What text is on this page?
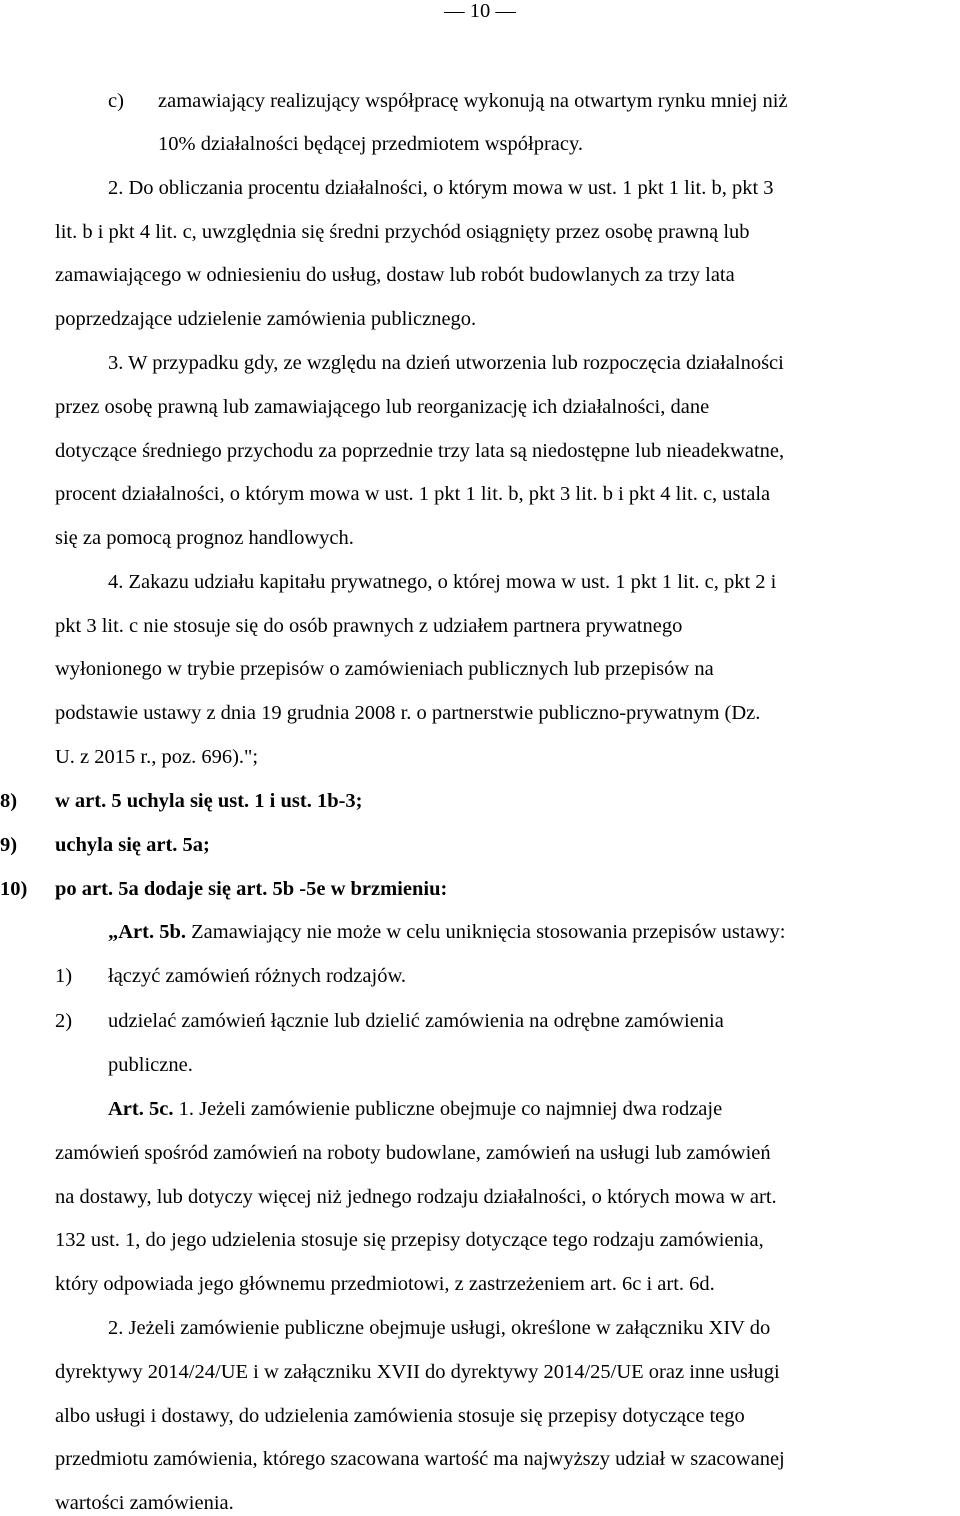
— 10 —
c) zamawiający realizujący współpracę wykonują na otwartym rynku mniej niż
10% działalności będącej przedmiotem współpracy.
2. Do obliczania procentu działalności, o którym mowa w ust. 1 pkt 1 lit. b, pkt 3
lit. b i pkt 4 lit. c, uwzględnia się średni przychód osiągnięty przez osobę prawną lub
zamawiającego w odniesieniu do usług, dostaw lub robót budowlanych za trzy lata
poprzedzające udzielenie zamówienia publicznego.
3. W przypadku gdy, ze względu na dzień utworzenia lub rozpoczęcia działalności
przez osobę prawną lub zamawiającego lub reorganizację ich działalności, dane
dotyczące średniego przychodu za poprzednie trzy lata są niedostępne lub nieadekwatne,
procent działalności, o którym mowa w ust. 1 pkt 1 lit. b, pkt 3 lit. b i pkt 4 lit. c, ustala
się za pomocą prognoz handlowych.
4. Zakazu udziału kapitału prywatnego, o której mowa w ust. 1 pkt 1 lit. c, pkt 2 i
pkt 3 lit. c nie stosuje się do osób prawnych z udziałem partnera prywatnego
wyłonionego w trybie przepisów o zamówieniach publicznych lub przepisów na
podstawie ustawy z dnia 19 grudnia 2008 r. o partnerstwie publiczno-prywatnym (Dz.
U. z 2015 r., poz. 696).";
8) w art. 5 uchyla się ust. 1 i ust. 1b-3;
9) uchyla się art. 5a;
10) po art. 5a dodaje się art. 5b -5e w brzmieniu:
„Art. 5b. Zamawiający nie może w celu uniknięcia stosowania przepisów ustawy:
1) łączyć zamówień różnych rodzajów.
2) udzielać zamówień łącznie lub dzielić zamówienia na odrębne zamówienia
publiczne.
Art. 5c. 1. Jeżeli zamówienie publiczne obejmuje co najmniej dwa rodzaje
zamówień spośród zamówień na roboty budowlane, zamówień na usługi lub zamówień
na dostawy, lub dotyczy więcej niż jednego rodzaju działalności, o których mowa w art.
132 ust. 1, do jego udzielenia stosuje się przepisy dotyczące tego rodzaju zamówienia,
który odpowiada jego głównemu przedmiotowi, z zastrzeżeniem art. 6c i art. 6d.
2. Jeżeli zamówienie publiczne obejmuje usługi, określone w załączniku XIV do
dyrektywy 2014/24/UE i w załączniku XVII do dyrektywy 2014/25/UE oraz inne usługi
albo usługi i dostawy, do udzielenia zamówienia stosuje się przepisy dotyczące tego
przedmiotu zamówienia, którego szacowana wartość ma najwyższy udział w szacowanej
wartości zamówienia.
